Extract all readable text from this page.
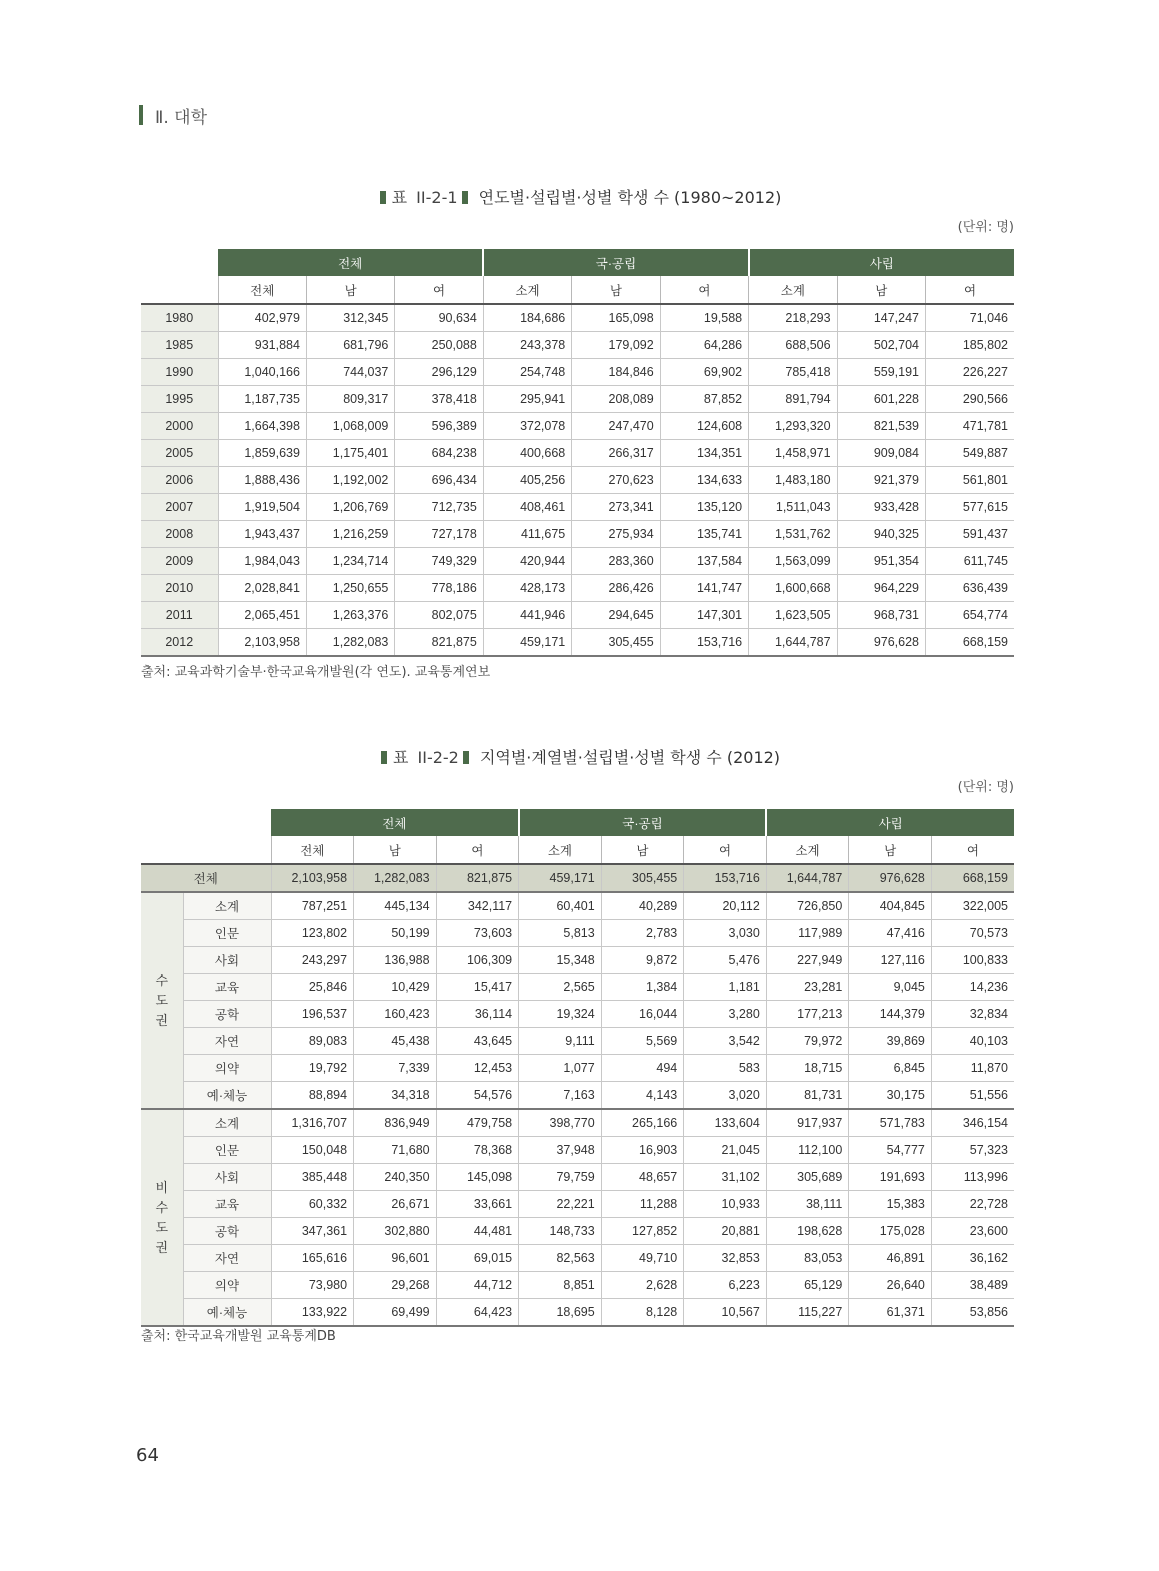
Ⅱ. 대학
표 II-2-1 연도별·설립별·성별 학생 수 (1980~2012)
(단위: 명)
	전체			국·공립			사립		
	전체	남	여	소계	남	여	소계	남	여
1980	402,979	312,345	90,634	184,686	165,098	19,588	218,293	147,247	71,046
1985	931,884	681,796	250,088	243,378	179,092	64,286	688,506	502,704	185,802
1990	1,040,166	744,037	296,129	254,748	184,846	69,902	785,418	559,191	226,227
1995	1,187,735	809,317	378,418	295,941	208,089	87,852	891,794	601,228	290,566
2000	1,664,398	1,068,009	596,389	372,078	247,470	124,608	1,293,320	821,539	471,781
2005	1,859,639	1,175,401	684,238	400,668	266,317	134,351	1,458,971	909,084	549,887
2006	1,888,436	1,192,002	696,434	405,256	270,623	134,633	1,483,180	921,379	561,801
2007	1,919,504	1,206,769	712,735	408,461	273,341	135,120	1,511,043	933,428	577,615
2008	1,943,437	1,216,259	727,178	411,675	275,934	135,741	1,531,762	940,325	591,437
2009	1,984,043	1,234,714	749,329	420,944	283,360	137,584	1,563,099	951,354	611,745
2010	2,028,841	1,250,655	778,186	428,173	286,426	141,747	1,600,668	964,229	636,439
2011	2,065,451	1,263,376	802,075	441,946	294,645	147,301	1,623,505	968,731	654,774
2012	2,103,958	1,282,083	821,875	459,171	305,455	153,716	1,644,787	976,628	668,159
출처: 교육과학기술부·한국교육개발원(각 연도). 교육통계연보
표 II-2-2 지역별·계열별·설립별·성별 학생 수 (2012)
(단위: 명)
		전체			국·공립			사립		
		전체	남	여	소계	남	여	소계	남	여
전체		2,103,958	1,282,083	821,875	459,171	305,455	153,716	1,644,787	976,628	668,159
수
도
권	소계	787,251	445,134	342,117	60,401	40,289	20,112	726,850	404,845	322,005
	인문	123,802	50,199	73,603	5,813	2,783	3,030	117,989	47,416	70,573
	사회	243,297	136,988	106,309	15,348	9,872	5,476	227,949	127,116	100,833
	교육	25,846	10,429	15,417	2,565	1,384	1,181	23,281	9,045	14,236
	공학	196,537	160,423	36,114	19,324	16,044	3,280	177,213	144,379	32,834
	자연	89,083	45,438	43,645	9,111	5,569	3,542	79,972	39,869	40,103
	의약	19,792	7,339	12,453	1,077	494	583	18,715	6,845	11,870
	예·체능	88,894	34,318	54,576	7,163	4,143	3,020	81,731	30,175	51,556
비
수
도
권	소계	1,316,707	836,949	479,758	398,770	265,166	133,604	917,937	571,783	346,154
	인문	150,048	71,680	78,368	37,948	16,903	21,045	112,100	54,777	57,323
	사회	385,448	240,350	145,098	79,759	48,657	31,102	305,689	191,693	113,996
	교육	60,332	26,671	33,661	22,221	11,288	10,933	38,111	15,383	22,728
	공학	347,361	302,880	44,481	148,733	127,852	20,881	198,628	175,028	23,600
	자연	165,616	96,601	69,015	82,563	49,710	32,853	83,053	46,891	36,162
	의약	73,980	29,268	44,712	8,851	2,628	6,223	65,129	26,640	38,489
	예·체능	133,922	69,499	64,423	18,695	8,128	10,567	115,227	61,371	53,856
출처: 한국교육개발원 교육통계DB
64
